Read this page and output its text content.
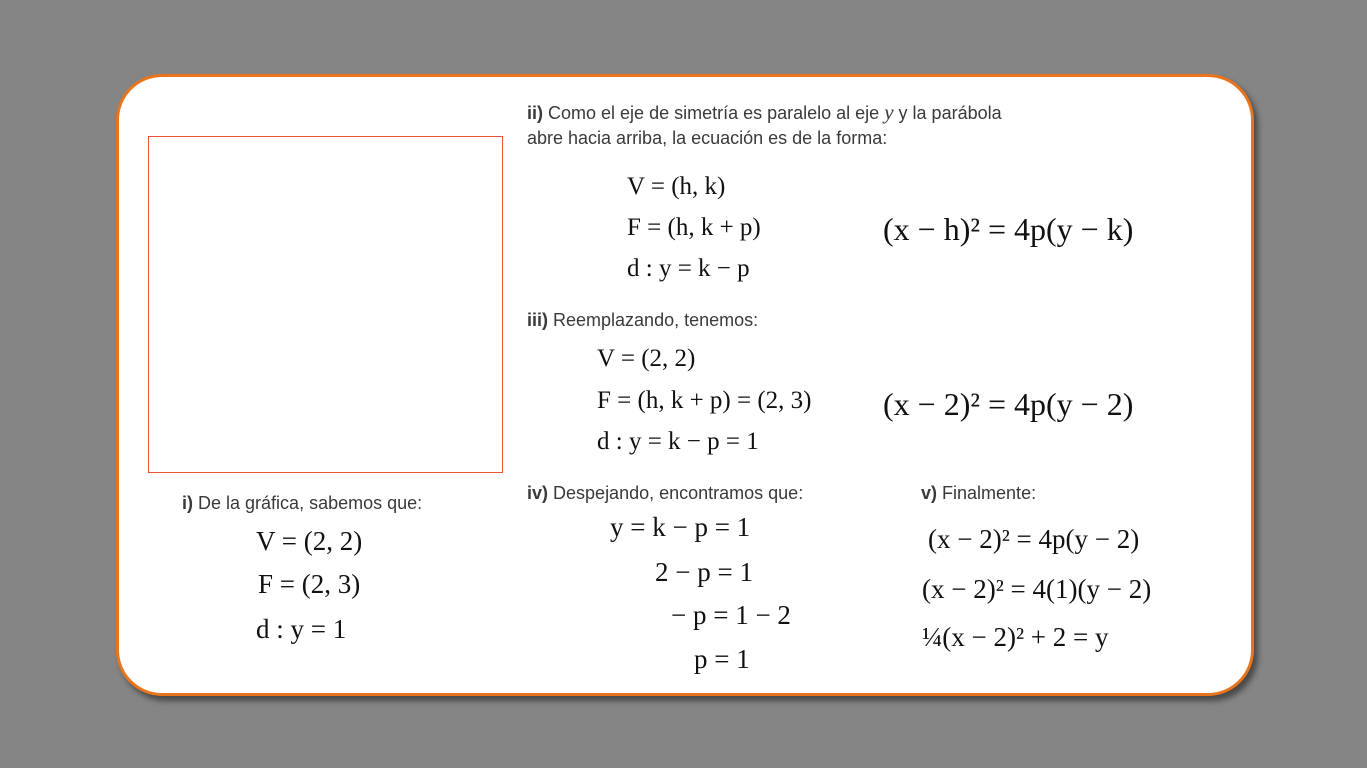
i) De la gráfica, sabemos que:
V = (2, 2)
F = (2, 3)
d : y = 1
ii) Como el eje de simetría es paralelo al eje y y la parábola
abre hacia arriba, la ecuación es de la forma:
V = (h, k)
F = (h, k + p)
d : y = k − p
(x − h)² = 4p(y − k)
iii) Reemplazando, tenemos:
V = (2, 2)
F = (h, k + p) = (2, 3)
d : y = k − p = 1
(x − 2)² = 4p(y − 2)
iv) Despejando, encontramos que:
y = k − p = 1
2 − p = 1
− p = 1 − 2
p = 1
v) Finalmente:
(x − 2)² = 4p(y − 2)
(x − 2)² = 4(1)(y − 2)
¼(x − 2)² + 2 = y
